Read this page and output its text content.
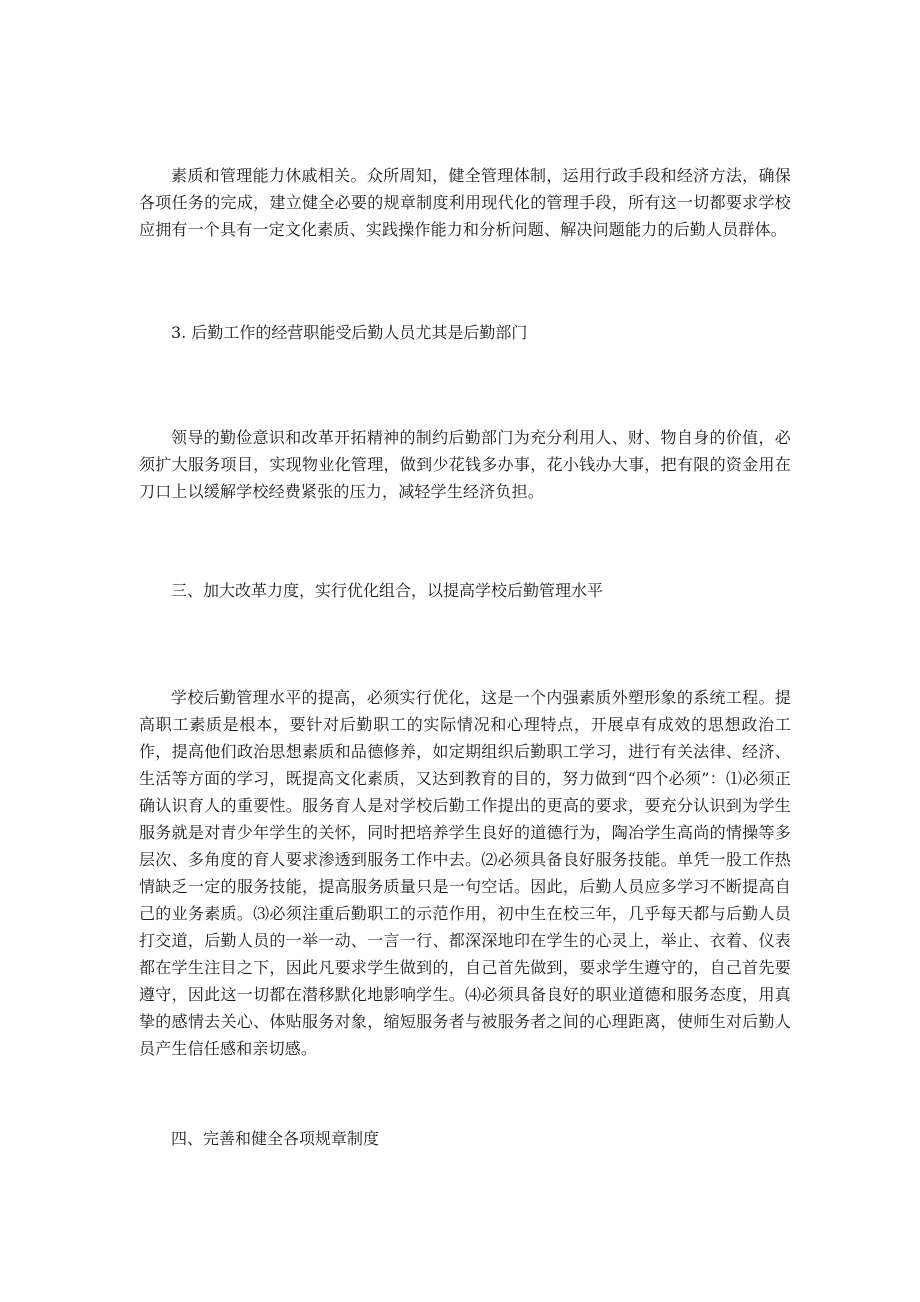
素质和管理能力休戚相关。众所周知，健全管理体制，运用行政手段和经济方法，确保各项任务的完成，建立健全必要的规章制度利用现代化的管理手段，所有这一切都要求学校应拥有一个具有一定文化素质、实践操作能力和分析问题、解决问题能力的后勤人员群体。

3. 后勤工作的经营职能受后勤人员尤其是后勤部门

领导的勤俭意识和改革开拓精神的制约后勤部门为充分利用人、财、物自身的价值，必须扩大服务项目，实现物业化管理，做到少花钱多办事，花小钱办大事，把有限的资金用在刀口上以缓解学校经费紧张的压力，减轻学生经济负担。

三、加大改革力度，实行优化组合，以提高学校后勤管理水平

学校后勤管理水平的提高，必须实行优化，这是一个内强素质外塑形象的系统工程。提高职工素质是根本，要针对后勤职工的实际情况和心理特点，开展卓有成效的思想政治工作，提高他们政治思想素质和品德修养，如定期组织后勤职工学习，进行有关法律、经济、生活等方面的学习，既提高文化素质，又达到教育的目的，努力做到“四个必须”：⑴必须正确认识育人的重要性。服务育人是对学校后勤工作提出的更高的要求，要充分认识到为学生服务就是对青少年学生的关怀，同时把培养学生良好的道德行为，陶冶学生高尚的情操等多层次、多角度的育人要求渗透到服务工作中去。⑵必须具备良好服务技能。单凭一股工作热情缺乏一定的服务技能，提高服务质量只是一句空话。因此，后勤人员应多学习不断提高自己的业务素质。⑶必须注重后勤职工的示范作用，初中生在校三年，几乎每天都与后勤人员打交道，后勤人员的一举一动、一言一行、都深深地印在学生的心灵上，举止、衣着、仪表都在学生注目之下，因此凡要求学生做到的，自己首先做到，要求学生遵守的，自己首先要遵守，因此这一切都在潜移默化地影响学生。⑷必须具备良好的职业道德和服务态度，用真挚的感情去关心、体贴服务对象，缩短服务者与被服务者之间的心理距离，使师生对后勤人员产生信任感和亲切感。

四、完善和健全各项规章制度
